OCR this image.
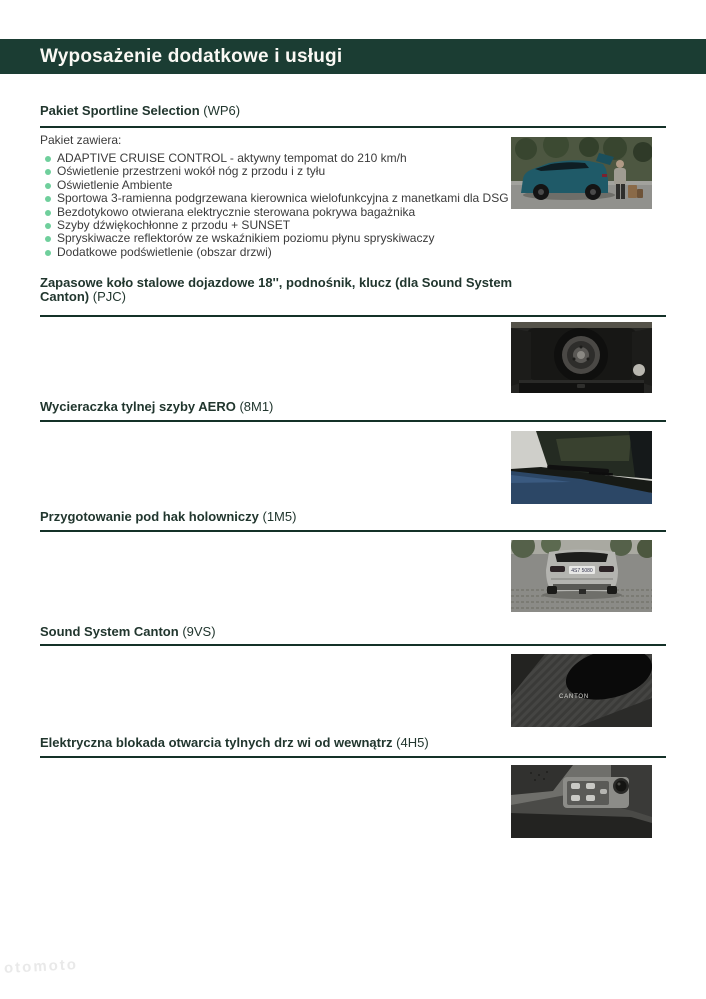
Wyposażenie dodatkowe i usługi
Pakiet Sportline Selection (WP6)
Pakiet zawiera:
ADAPTIVE CRUISE CONTROL - aktywny tempomat do 210 km/h
Oświetlenie przestrzeni wokół nóg z przodu i z tyłu
Oświetlenie Ambiente
Sportowa 3-ramienna podgrzewana kierownica wielofunkcyjna z manetkami dla DSG
Bezdotykowo otwierana elektrycznie sterowana pokrywa bagażnika
Szyby dźwiękochłonne z przodu + SUNSET
Spryskiwacze reflektorów ze wskaźnikiem poziomu płynu spryskiwaczy
Dodatkowe podświetlenie (obszar drzwi)
Zapasowe koło stalowe dojazdowe 18'', podnośnik, klucz (dla Sound System Canton) (PJC)
Wycieraczka tylnej szyby AERO (8M1)
Przygotowanie pod hak holowniczy (1M5)
4S7 5080
Sound System Canton (9VS)
CANTON
Elektryczna blokada otwarcia tylnych drz wi od wewnątrz (4H5)
otomoto
